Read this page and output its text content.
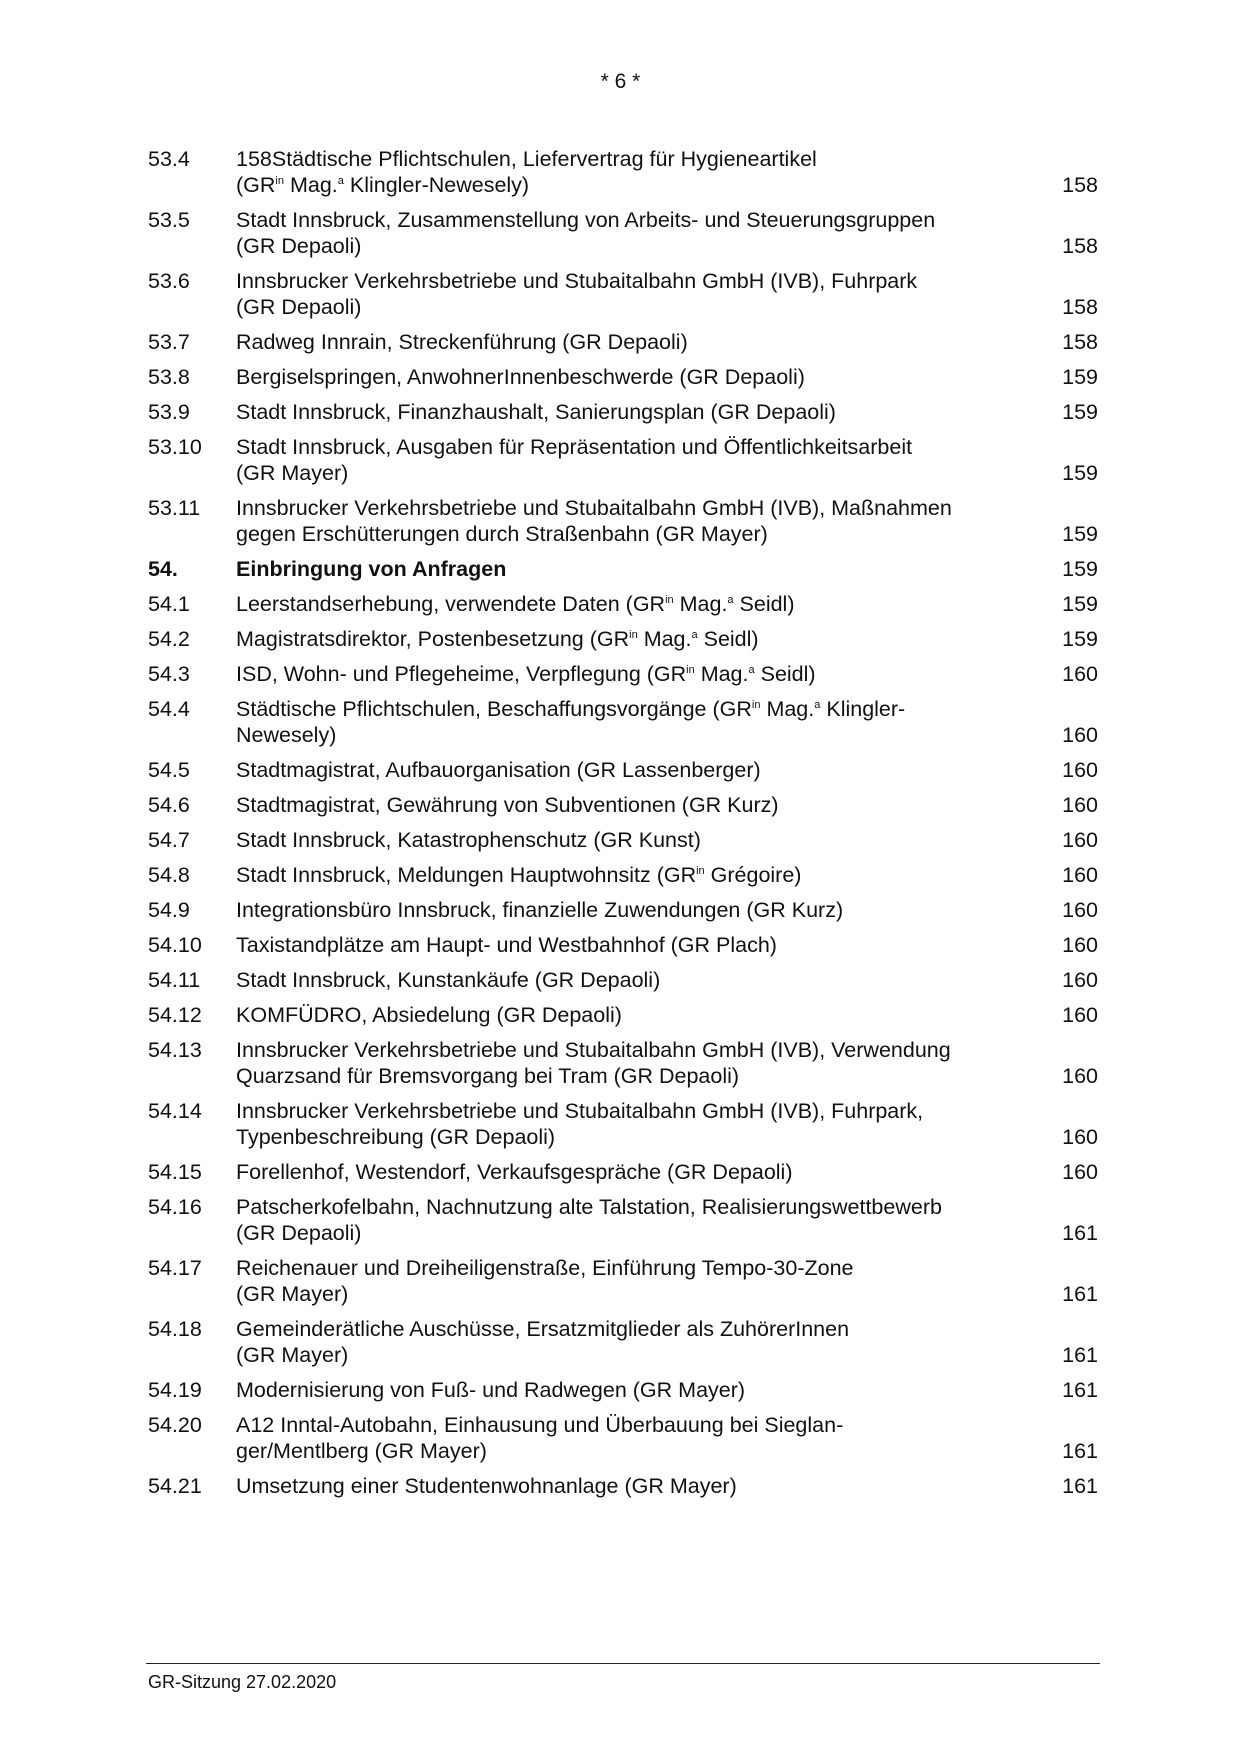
* 6 *
53.4	158Städtische Pflichtschulen, Liefervertrag für Hygieneartikel
($GR^{in}$ Mag.$^a$ Klingler-Newesely)	158
53.5	Stadt Innsbruck, Zusammenstellung von Arbeits- und Steuerungsgruppen
(GR Depaoli)	158
53.6	Innsbrucker Verkehrsbetriebe und Stubaitalbahn GmbH (IVB), Fuhrpark
(GR Depaoli)	158
53.7	Radweg Innrain, Streckenführung (GR Depaoli)	158
53.8	Bergiselspringen, AnwohnerInnenbeschwerde (GR Depaoli)	159
53.9	Stadt Innsbruck, Finanzhaushalt, Sanierungsplan (GR Depaoli)	159
53.10	Stadt Innsbruck, Ausgaben für Repräsentation und Öffentlichkeitsarbeit
(GR Mayer)	159
53.11	Innsbrucker Verkehrsbetriebe und Stubaitalbahn GmbH (IVB), Maßnahmen
gegen Erschütterungen durch Straßenbahn (GR Mayer)	159
54.	Einbringung von Anfragen	159
54.1	Leerstandserhebung, verwendete Daten ($GR^{in}$ Mag.$^a$ Seidl)	159
54.2	Magistratsdirektor, Postenbesetzung ($GR^{in}$ Mag.$^a$ Seidl)	159
54.3	ISD, Wohn- und Pflegeheime, Verpflegung ($GR^{in}$ Mag.$^a$ Seidl)	160
54.4	Städtische Pflichtschulen, Beschaffungsvorgänge ($GR^{in}$ Mag.$^a$ Klingler-
Newesely)	160
54.5	Stadtmagistrat, Aufbauorganisation (GR Lassenberger)	160
54.6	Stadtmagistrat, Gewährung von Subventionen (GR Kurz)	160
54.7	Stadt Innsbruck, Katastrophenschutz (GR Kunst)	160
54.8	Stadt Innsbruck, Meldungen Hauptwohnsitz ($GR^{in}$ Grégoire)	160
54.9	Integrationsbüro Innsbruck, finanzielle Zuwendungen (GR Kurz)	160
54.10	Taxistandplätze am Haupt- und Westbahnhof (GR Plach)	160
54.11	Stadt Innsbruck, Kunstankäufe (GR Depaoli)	160
54.12	KOMFÜDRO, Absiedelung (GR Depaoli)	160
54.13	Innsbrucker Verkehrsbetriebe und Stubaitalbahn GmbH (IVB), Verwendung
Quarzsand für Bremsvorgang bei Tram (GR Depaoli)	160
54.14	Innsbrucker Verkehrsbetriebe und Stubaitalbahn GmbH (IVB), Fuhrpark,
Typenbeschreibung (GR Depaoli)	160
54.15	Forellenhof, Westendorf, Verkaufsgespräche (GR Depaoli)	160
54.16	Patscherkofelbahn, Nachnutzung alte Talstation, Realisierungswettbewerb
(GR Depaoli)	161
54.17	Reichenauer und Dreiheiligenstraße, Einführung Tempo-30-Zone
(GR Mayer)	161
54.18	Gemeinderätliche Auschüsse, Ersatzmitglieder als ZuhörerInnen
(GR Mayer)	161
54.19	Modernisierung von Fuß- und Radwegen (GR Mayer)	161
54.20	A12 Inntal-Autobahn, Einhausung und Überbauung bei Sieglan-
ger/Mentlberg (GR Mayer)	161
54.21	Umsetzung einer Studentenwohnanlage (GR Mayer)	161
GR-Sitzung 27.02.2020
